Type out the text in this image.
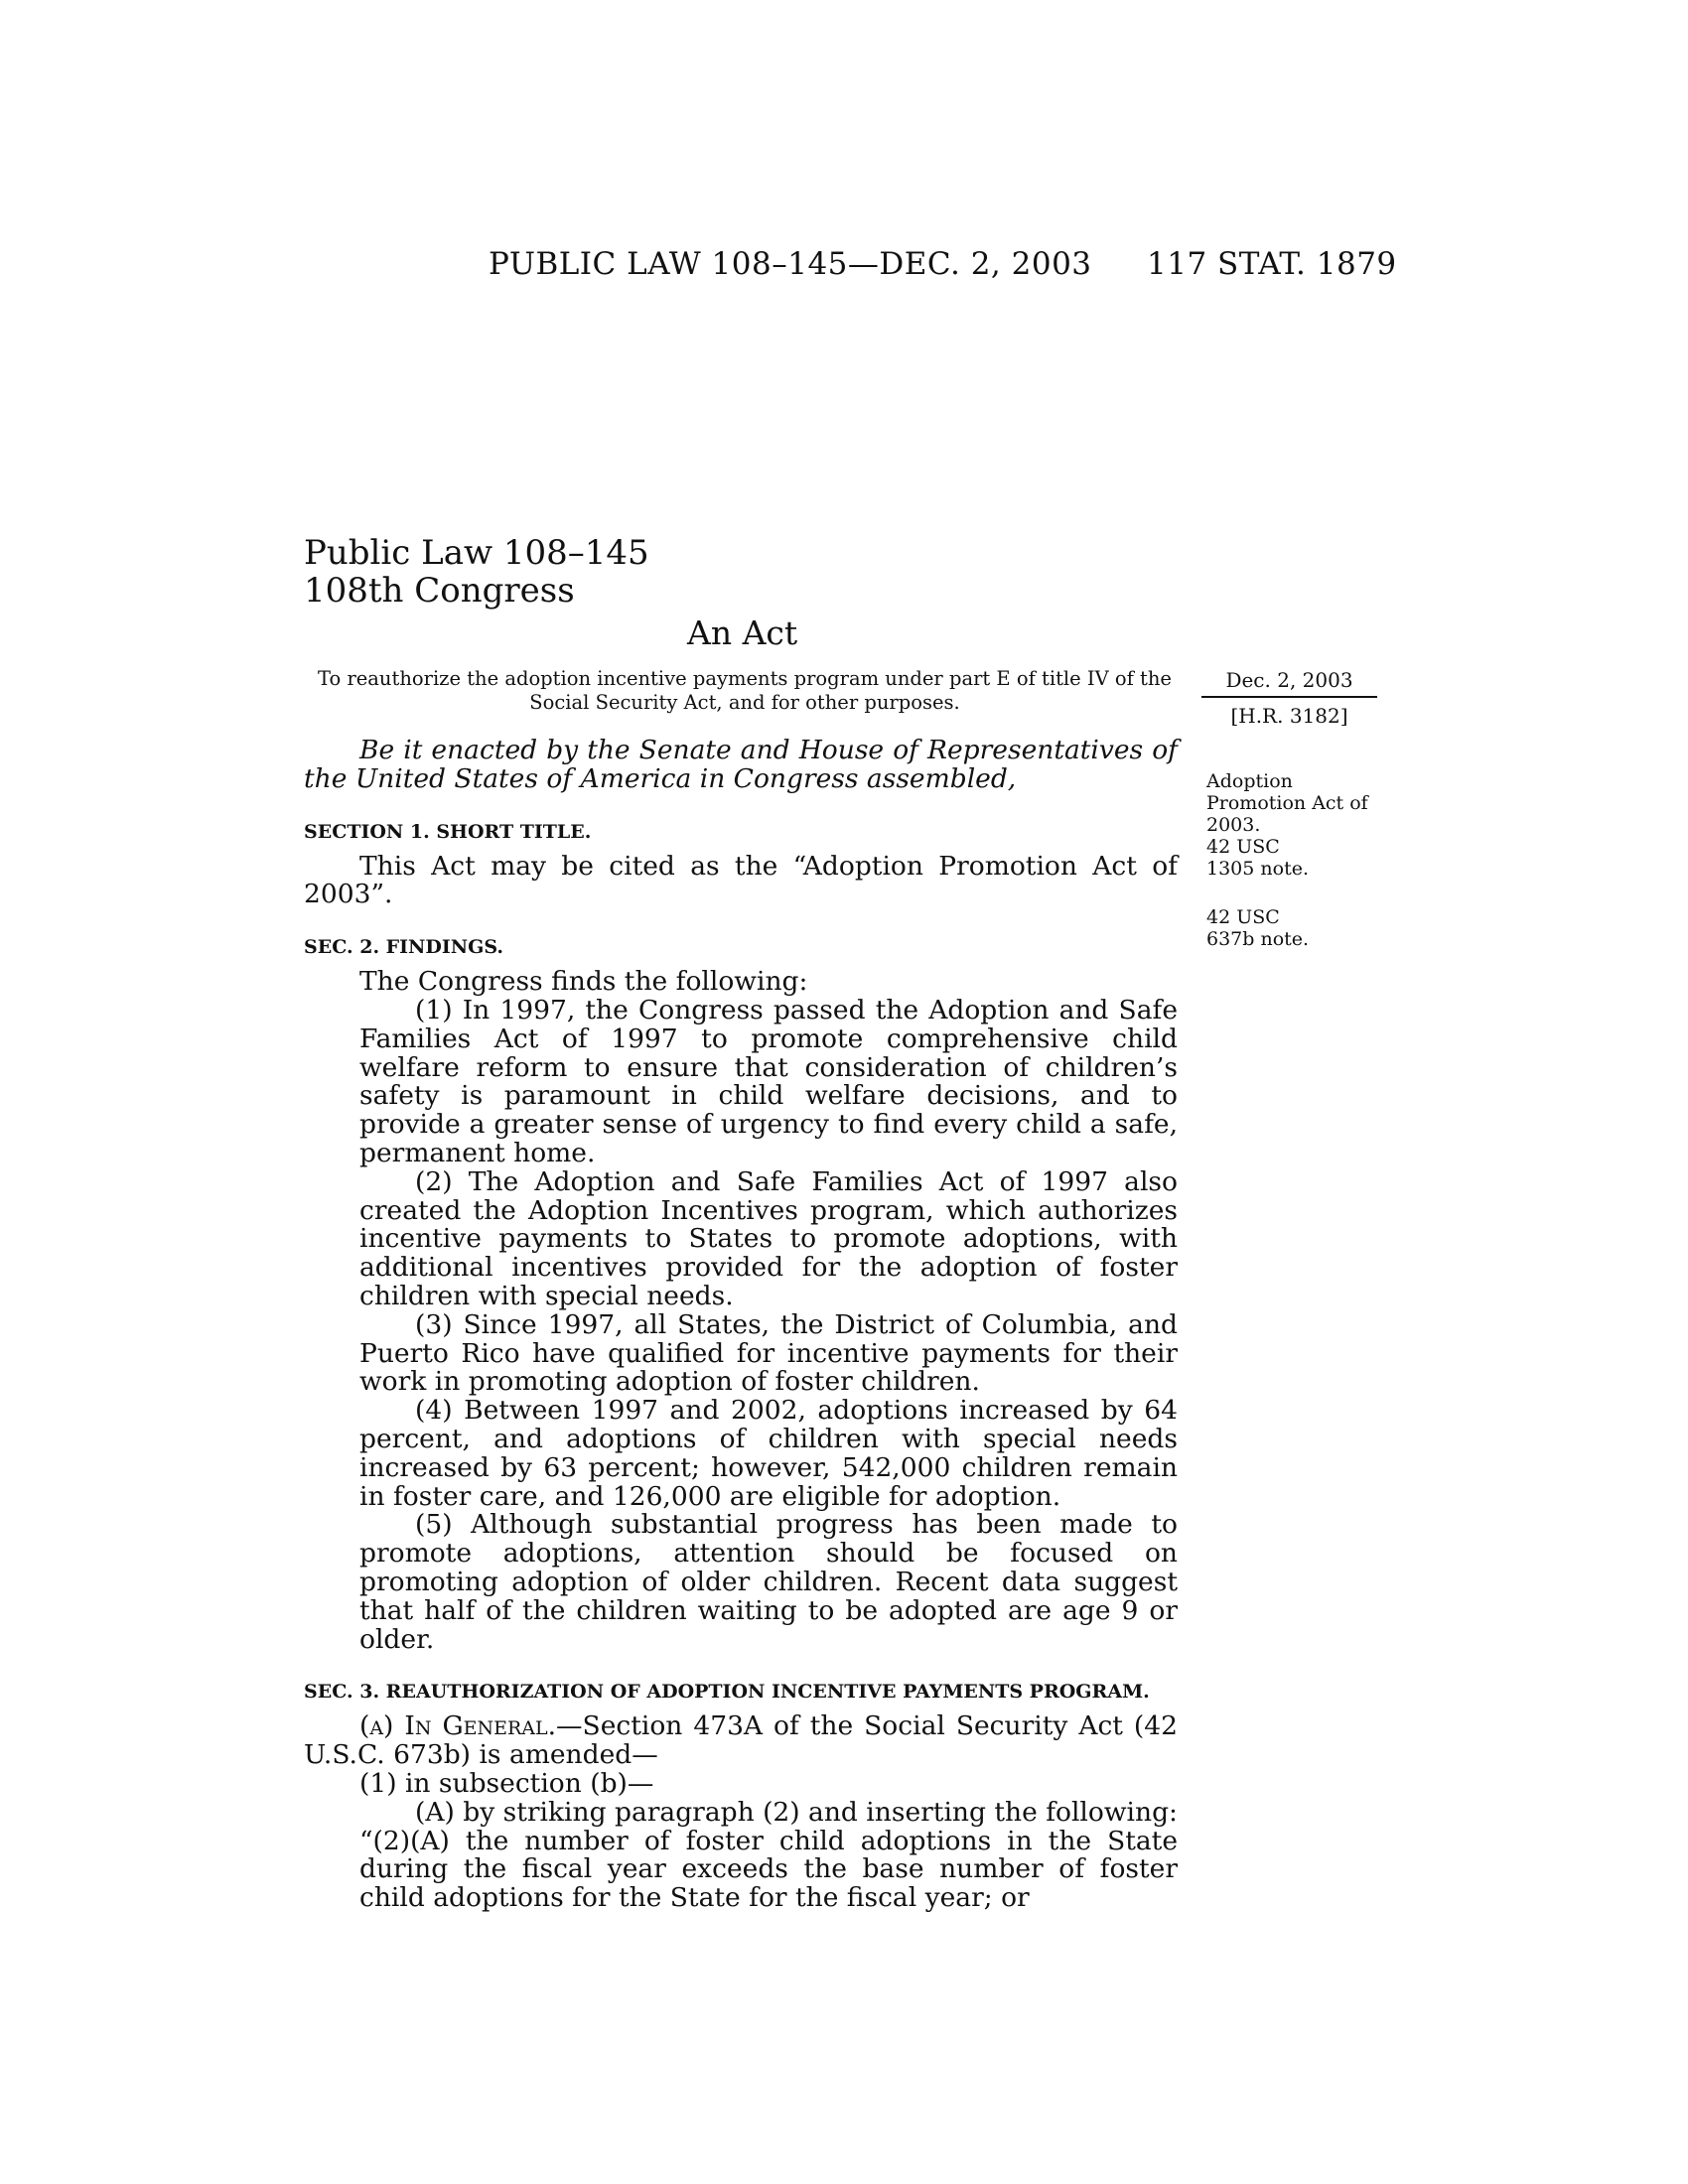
PUBLIC LAW 108–145—DEC. 2, 2003 117 STAT. 1879
Public Law 108–145
108th Congress
An Act
To reauthorize the adoption incentive payments program under part E of title IV of the Social Security Act, and for other purposes.
Dec. 2, 2003
[H.R. 3182]
Adoption Promotion Act of 2003.
42 USC 1305 note.
42 USC 637b note.

Be it enacted by the Senate and House of Representatives of the United States of America in Congress assembled,

SECTION 1. SHORT TITLE.

This Act may be cited as the “Adoption Promotion Act of 2003”.

SEC. 2. FINDINGS.

The Congress finds the following:

(1) In 1997, the Congress passed the Adoption and Safe Families Act of 1997 to promote comprehensive child welfare reform to ensure that consideration of children’s safety is paramount in child welfare decisions, and to provide a greater sense of urgency to find every child a safe, permanent home.

(2) The Adoption and Safe Families Act of 1997 also created the Adoption Incentives program, which authorizes incentive payments to States to promote adoptions, with additional incentives provided for the adoption of foster children with special needs.

(3) Since 1997, all States, the District of Columbia, and Puerto Rico have qualified for incentive payments for their work in promoting adoption of foster children.

(4) Between 1997 and 2002, adoptions increased by 64 percent, and adoptions of children with special needs increased by 63 percent; however, 542,000 children remain in foster care, and 126,000 are eligible for adoption.

(5) Although substantial progress has been made to promote adoptions, attention should be focused on promoting adoption of older children. Recent data suggest that half of the children waiting to be adopted are age 9 or older.

SEC. 3. REAUTHORIZATION OF ADOPTION INCENTIVE PAYMENTS PROGRAM.

(a) In General.—Section 473A of the Social Security Act (42 U.S.C. 673b) is amended—

(1) in subsection (b)—

(A) by striking paragraph (2) and inserting the following:

“(2)(A) the number of foster child adoptions in the State during the fiscal year exceeds the base number of foster child adoptions for the State for the fiscal year; or
